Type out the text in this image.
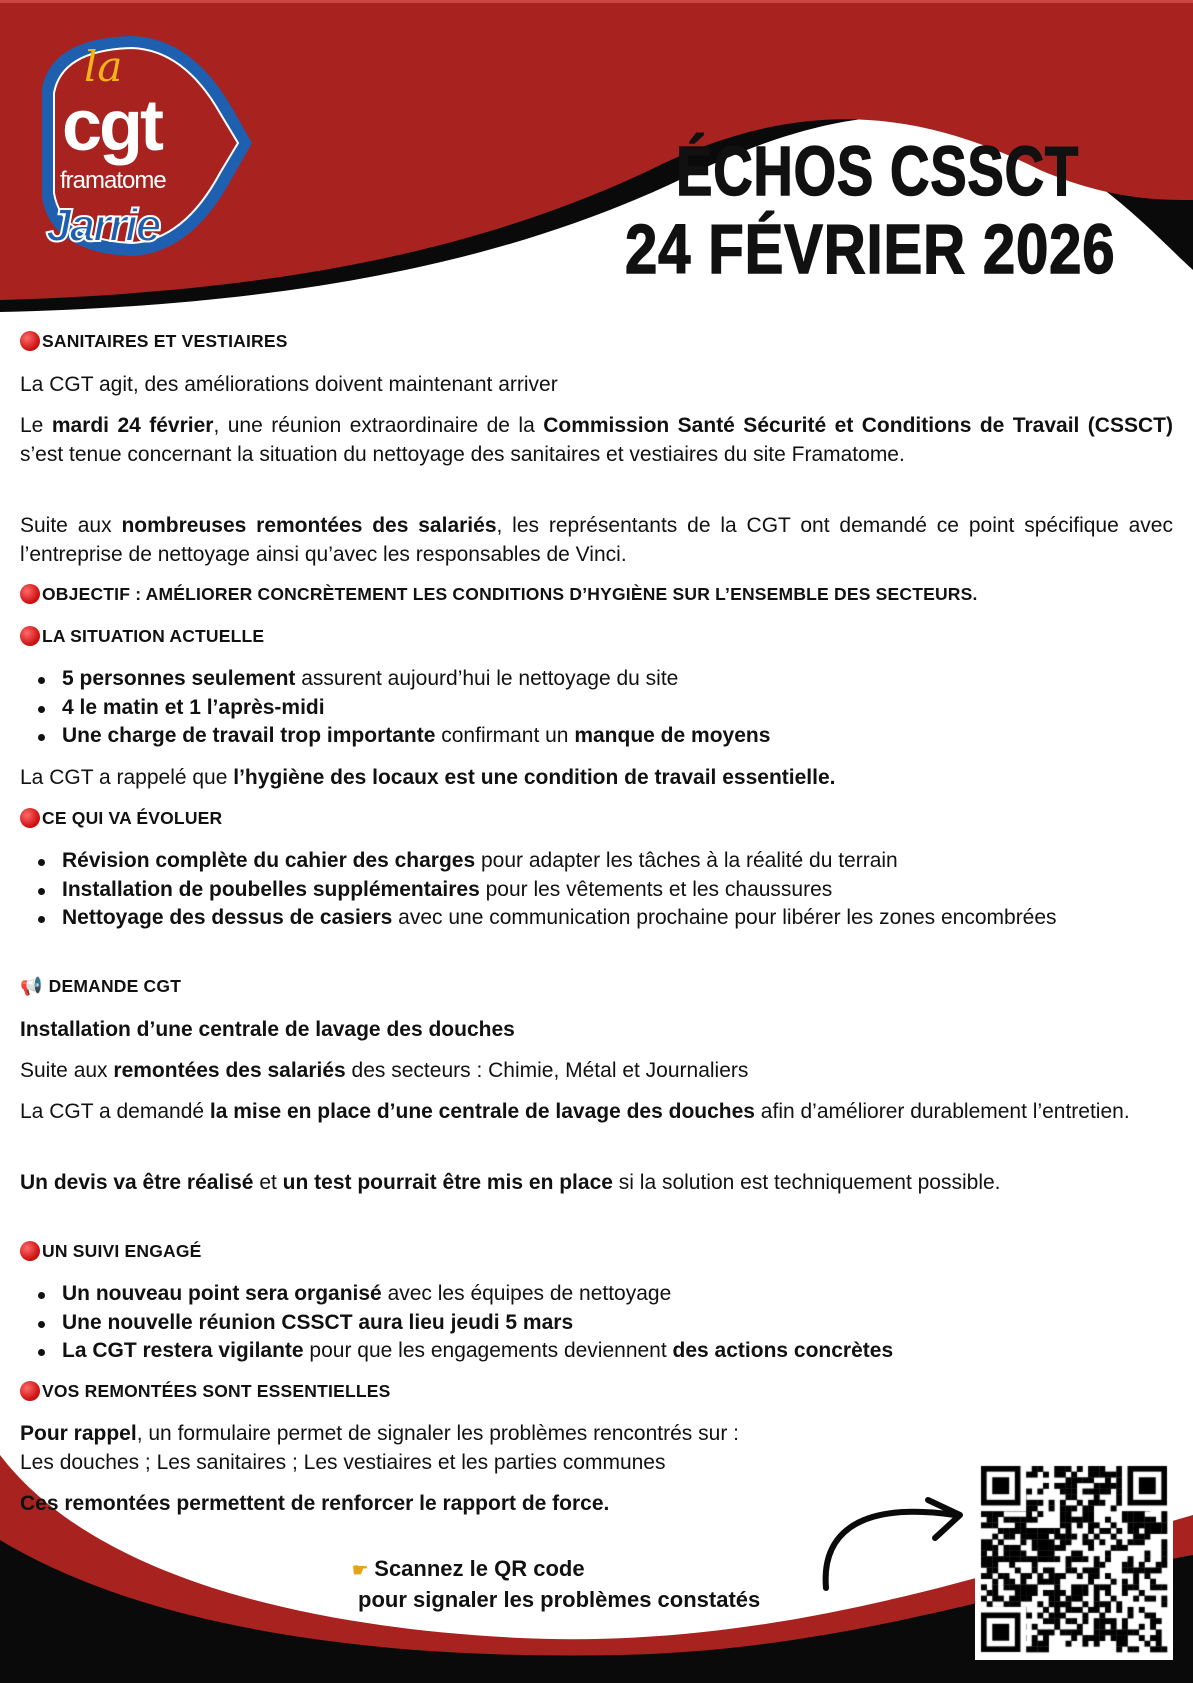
la
cgt
framatome
Jarrie
ÉCHOS CSSCT
24 FÉVRIER 2026
SANITAIRES ET VESTIAIRES
La CGT agit, des améliorations doivent maintenant arriver
Le mardi 24 février, une réunion extraordinaire de la Commission Santé Sécurité et Conditions de Travail (CSSCT) s’est tenue concernant la situation du nettoyage des sanitaires et vestiaires du site Framatome.
Suite aux nombreuses remontées des salariés, les représentants de la CGT ont demandé ce point spécifique avec l’entreprise de nettoyage ainsi qu’avec les responsables de Vinci.
OBJECTIF : AMÉLIORER CONCRÈTEMENT LES CONDITIONS D’HYGIÈNE SUR L’ENSEMBLE DES SECTEURS.
LA SITUATION ACTUELLE
5 personnes seulement assurent aujourd’hui le nettoyage du site
4 le matin et 1 l’après-midi
Une charge de travail trop importante confirmant un manque de moyens
La CGT a rappelé que l’hygiène des locaux est une condition de travail essentielle.
CE QUI VA ÉVOLUER
Révision complète du cahier des charges pour adapter les tâches à la réalité du terrain
Installation de poubelles supplémentaires pour les vêtements et les chaussures
Nettoyage des dessus de casiers avec une communication prochaine pour libérer les zones encombrées
📢 DEMANDE CGT
Installation d’une centrale de lavage des douches
Suite aux remontées des salariés des secteurs : Chimie, Métal et Journaliers
La CGT a demandé la mise en place d’une centrale de lavage des douches afin d’améliorer durablement l’entretien.
Un devis va être réalisé et un test pourrait être mis en place si la solution est techniquement possible.
UN SUIVI ENGAGÉ
Un nouveau point sera organisé avec les équipes de nettoyage
Une nouvelle réunion CSSCT aura lieu jeudi 5 mars
La CGT restera vigilante pour que les engagements deviennent des actions concrètes
VOS REMONTÉES SONT ESSENTIELLES
Pour rappel, un formulaire permet de signaler les problèmes rencontrés sur :
Les douches ; Les sanitaires ; Les vestiaires et les parties communes
Ces remontées permettent de renforcer le rapport de force.
☛ Scannez le QR code
pour signaler les problèmes constatés
